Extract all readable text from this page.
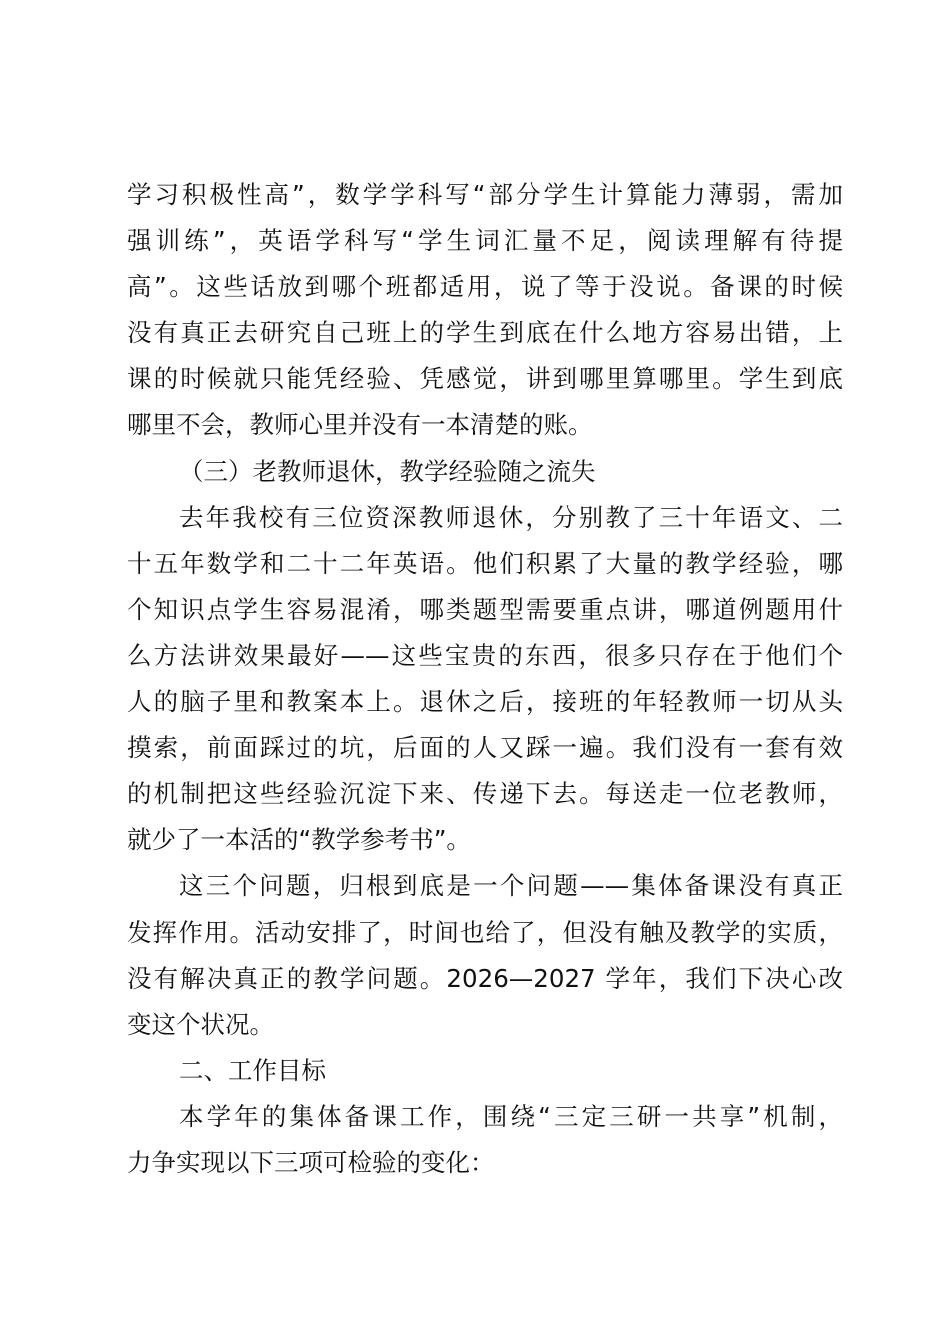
学习积极性高”，数学学科写“部分学生计算能力薄弱，需加
强训练”，英语学科写“学生词汇量不足，阅读理解有待提
高”。这些话放到哪个班都适用，说了等于没说。备课的时候
没有真正去研究自己班上的学生到底在什么地方容易出错，上
课的时候就只能凭经验、凭感觉，讲到哪里算哪里。学生到底
哪里不会，教师心里并没有一本清楚的账。
（三）老教师退休，教学经验随之流失
去年我校有三位资深教师退休，分别教了三十年语文、二
十五年数学和二十二年英语。他们积累了大量的教学经验，哪
个知识点学生容易混淆，哪类题型需要重点讲，哪道例题用什
么方法讲效果最好——这些宝贵的东西，很多只存在于他们个
人的脑子里和教案本上。退休之后，接班的年轻教师一切从头
摸索，前面踩过的坑，后面的人又踩一遍。我们没有一套有效
的机制把这些经验沉淀下来、传递下去。每送走一位老教师，
就少了一本活的“教学参考书”。
这三个问题，归根到底是一个问题——集体备课没有真正
发挥作用。活动安排了，时间也给了，但没有触及教学的实质，
没有解决真正的教学问题。2026—2027 学年，我们下决心改
变这个状况。
二、工作目标
本学年的集体备课工作，围绕“三定三研一共享”机制，
力争实现以下三项可检验的变化：
